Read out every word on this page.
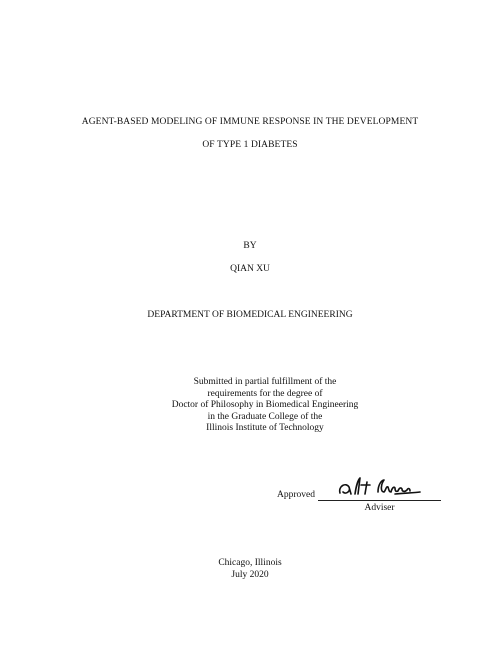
AGENT-BASED MODELING OF IMMUNE RESPONSE IN THE DEVELOPMENT
OF TYPE 1 DIABETES
BY
QIAN XU
DEPARTMENT OF BIOMEDICAL ENGINEERING
Submitted in partial fulfillment of the
requirements for the degree of
Doctor of Philosophy in Biomedical Engineering
in the Graduate College of the
Illinois Institute of Technology
Approved
Adviser
Chicago, Illinois
July 2020
